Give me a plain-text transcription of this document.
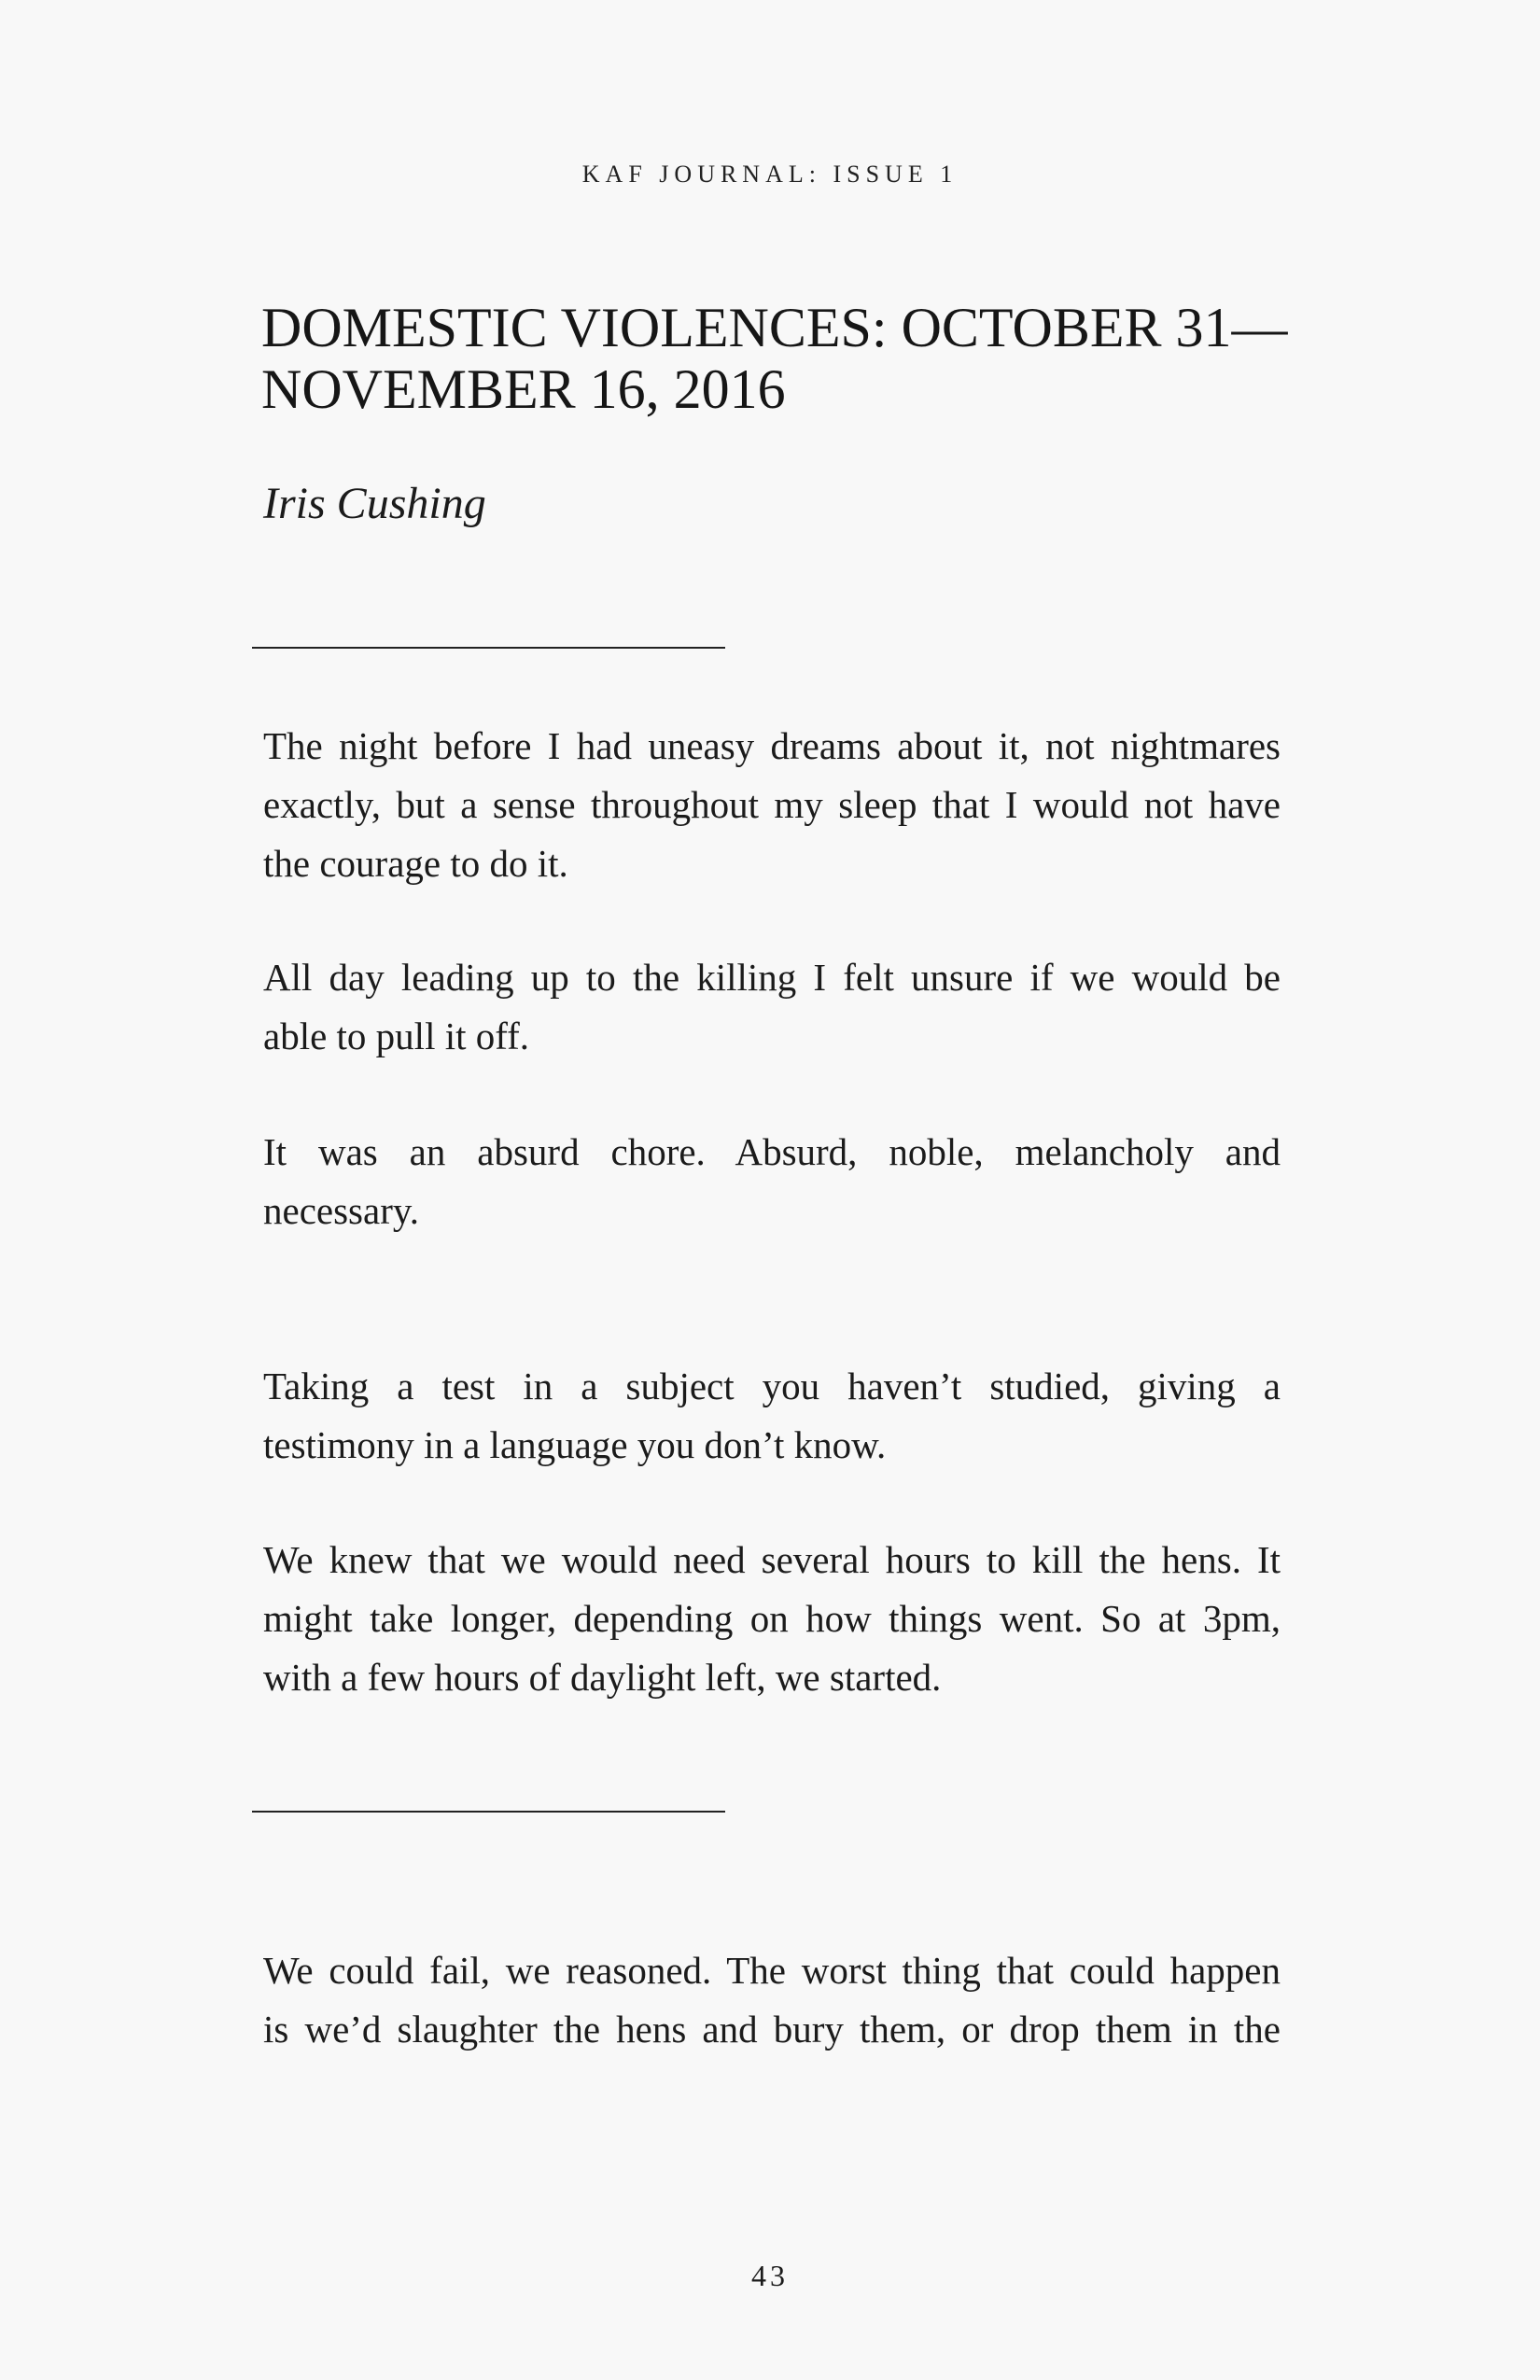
KAF JOURNAL: ISSUE 1
DOMESTIC VIOLENCES: OCTOBER 31—
NOVEMBER 16, 2016
Iris Cushing

The night before I had uneasy dreams about it, not nightmares
exactly, but a sense throughout my sleep that I would not have
the courage to do it.

All day leading up to the killing I felt unsure if we would be
able to pull it off.

It was an absurd chore. Absurd, noble, melancholy and
necessary.

Taking a test in a subject you haven’t studied, giving a
testimony in a language you don’t know.

We knew that we would need several hours to kill the hens. It
might take longer, depending on how things went. So at 3pm,
with a few hours of daylight left, we started.

We could fail, we reasoned. The worst thing that could happen
is we’d slaughter the hens and bury them, or drop them in the

43
